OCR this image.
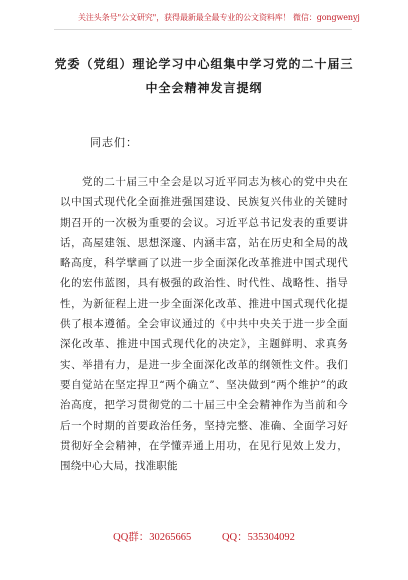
关注头条号"公文研究"，获得最新最全最专业的公文资料库！ 微信：gongwenyj
党委（党组）理论学习中心组集中学习党的二十届三中全会精神发言提纲
同志们：

党的二十届三中全会是以习近平同志为核心的党中央在以中国式现代化全面推进强国建设、民族复兴伟业的关键时期召开的一次极为重要的会议。习近平总书记发表的重要讲话，高屋建瓴、思想深邃、内涵丰富，站在历史和全局的战略高度，科学擘画了以进一步全面深化改革推进中国式现代化的宏伟蓝图，具有极强的政治性、时代性、战略性、指导性，为新征程上进一步全面深化改革、推进中国式现代化提供了根本遵循。全会审议通过的《中共中央关于进一步全面深化改革、推进中国式现代化的决定》，主题鲜明、求真务实、举措有力，是进一步全面深化改革的纲领性文件。我们要自觉站在坚定捍卫“两个确立”、坚决做到“两个维护”的政治高度，把学习贯彻党的二十届三中全会精神作为当前和今后一个时期的首要政治任务，坚持完整、准确、全面学习好贯彻好全会精神，在学懂弄通上用功，在见行见效上发力，围绕中心大局，找准职能

QQ群：30265665	QQ：535304092
